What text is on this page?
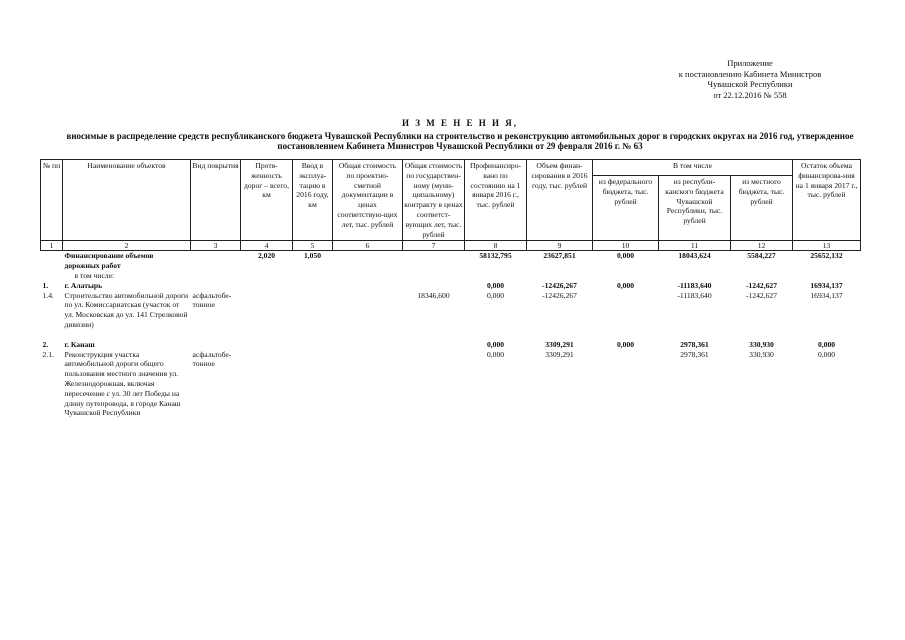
Приложение
к постановлению Кабинета Министров
Чувашской Республики
от 22.12.2016 № 558
И З М Е Н Е Н И Я,
вносимые в распределение средств республиканского бюджета Чувашской Республики на строительство и реконструкцию автомобильных дорог в городских округах на 2016 год, утвержденное
постановлением Кабинета Министров Чувашской Республики от 29 февраля 2016 г. № 63
№ пп	Наименование объектов	Вид покрытия	Протя-женность дорог – всего, км	Ввод в эксплуа-тацию в 2016 году, км	Общая стоимость по проектно-сметной документации в ценах соответствую-щих лет, тыс. рублей	Общая стоимость по государствен-ному (муни-ципальному) контракту в ценах соответст-вующих лет, тыс. рублей	Профинансиро-вано по состоянию на 1 января 2016 г., тыс. рублей	Объем финан-сирования в 2016 году, тыс. рублей	В том числе			Остаток объема финансирова-ния на 1 января 2017 г., тыс. рублей
									из федерального бюджета, тыс. рублей	из республи-канского бюджета Чувашской Республики, тыс. рублей	из местного бюджета, тыс. рублей	
1	2	3	4	5	6	7	8	9	10	11	12	13
	Финансирование объемов дорожных работ		2,020	1,050			58132,795	23627,851	0,000	18043,624	5584,227	25652,132
	в том числе:											
1.	г. Алатырь						0,000	-12426,267	0,000	-11183,640	-1242,627	16934,137
1.4.	Строительство автомобильной дороги по ул. Комиссариатская (участок от ул. Московская до ул. 141 Стрелковой дивизии)	асфальтобе-тонное				18346,600	0,000	-12426,267		-11183,640	-1242,627	16934,137

2.	г. Канаш						0,000	3309,291	0,000	2978,361	330,930	0,000
2.1.	Реконструкция участка автомобильной дороги общего пользования местного значения ул. Железнодорожная, включая пересечение с ул. 30 лет Победы на длину путепровода, в городе Канаш Чувашской Республики	асфальтобе-тонное					0,000	3309,291		2978,361	330,930	0,000
